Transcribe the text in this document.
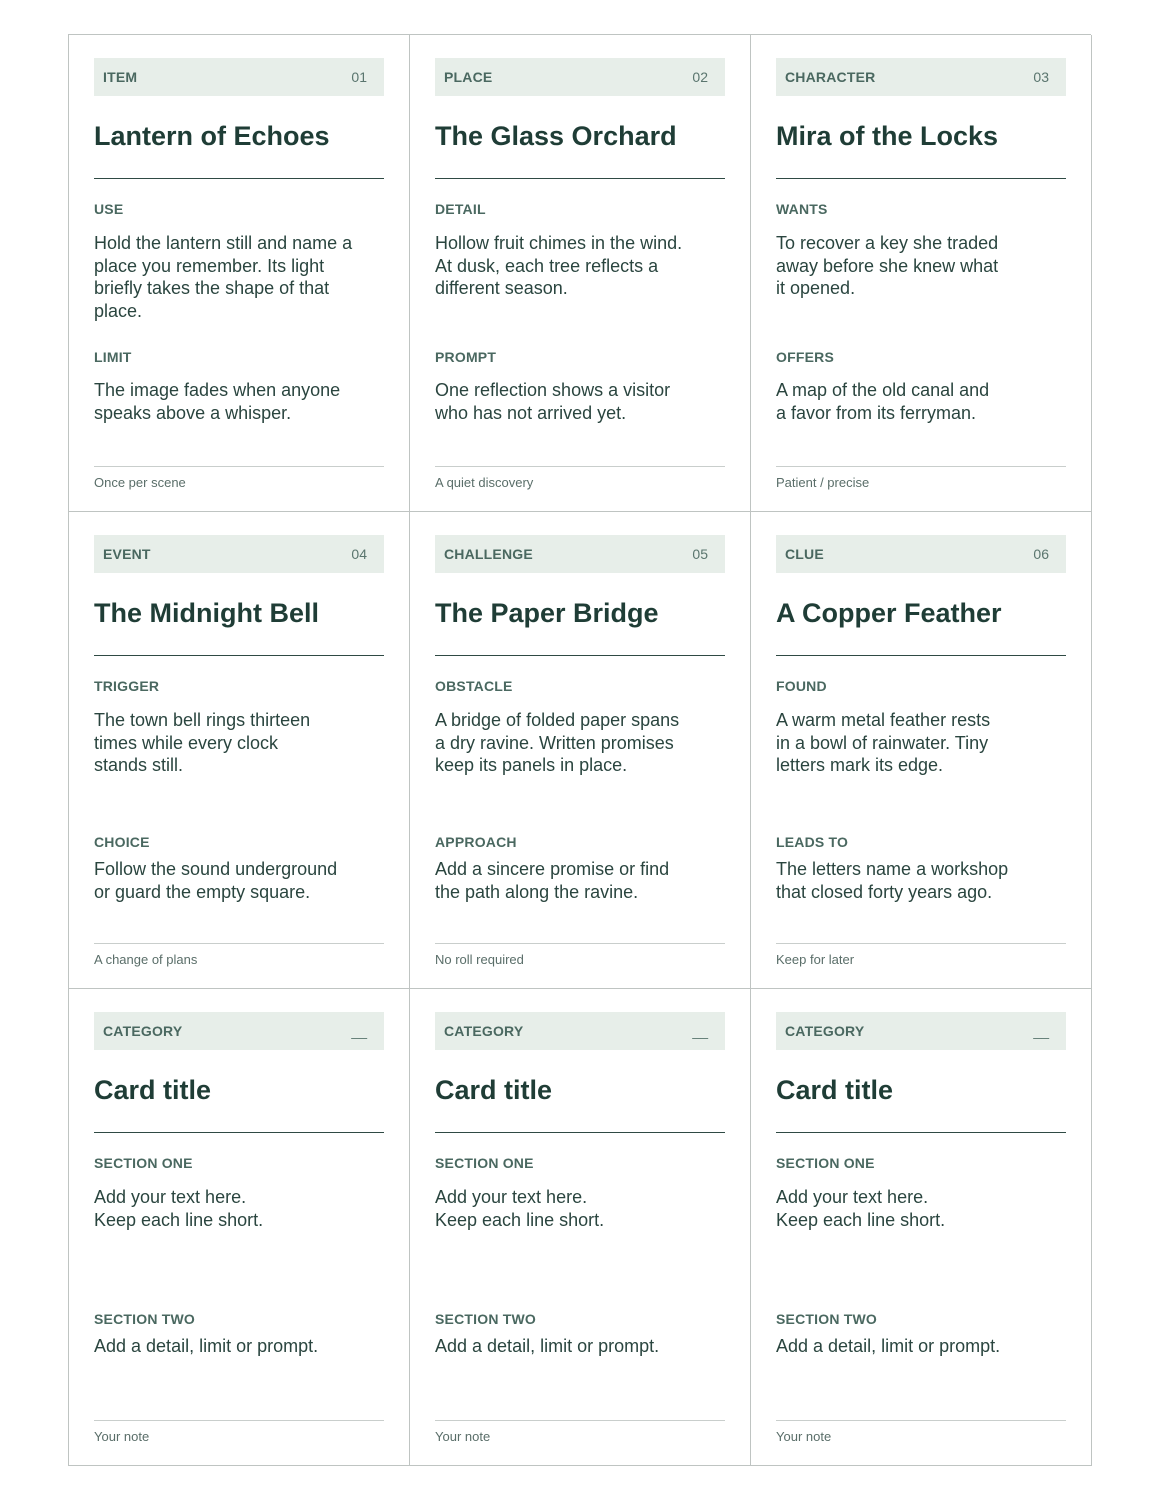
ITEM	01
Lantern of Echoes
USE
Hold the lantern still and name a
place you remember. Its light
briefly takes the shape of that
place.
LIMIT
The image fades when anyone
speaks above a whisper.
Once per scene
PLACE	02
The Glass Orchard
DETAIL
Hollow fruit chimes in the wind.
At dusk, each tree reflects a
different season.
PROMPT
One reflection shows a visitor
who has not arrived yet.
A quiet discovery
CHARACTER	03
Mira of the Locks
WANTS
To recover a key she traded
away before she knew what
it opened.
OFFERS
A map of the old canal and
a favor from its ferryman.
Patient / precise
EVENT	04
The Midnight Bell
TRIGGER
The town bell rings thirteen
times while every clock
stands still.
CHOICE
Follow the sound underground
or guard the empty square.
A change of plans
CHALLENGE	05
The Paper Bridge
OBSTACLE
A bridge of folded paper spans
a dry ravine. Written promises
keep its panels in place.
APPROACH
Add a sincere promise or find
the path along the ravine.
No roll required
CLUE	06
A Copper Feather
FOUND
A warm metal feather rests
in a bowl of rainwater. Tiny
letters mark its edge.
LEADS TO
The letters name a workshop
that closed forty years ago.
Keep for later
CATEGORY	__
Card title
SECTION ONE
Add your text here.
Keep each line short.
SECTION TWO
Add a detail, limit or prompt.
Your note
CATEGORY	__
Card title
SECTION ONE
Add your text here.
Keep each line short.
SECTION TWO
Add a detail, limit or prompt.
Your note
CATEGORY	__
Card title
SECTION ONE
Add your text here.
Keep each line short.
SECTION TWO
Add a detail, limit or prompt.
Your note
